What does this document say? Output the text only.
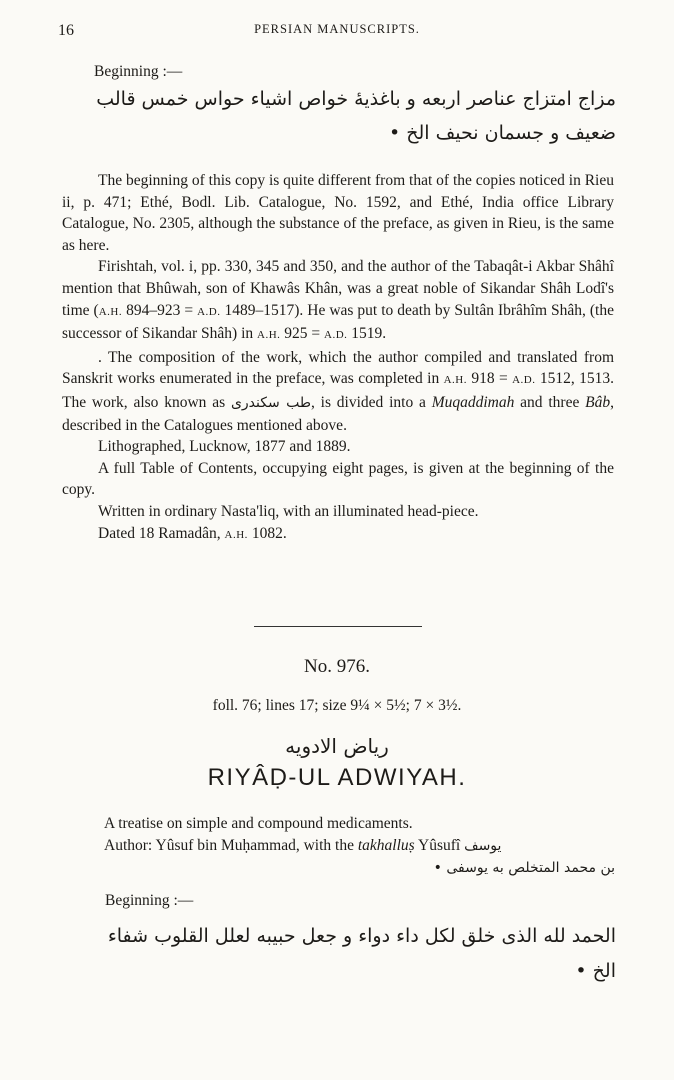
16	PERSIAN MANUSCRIPTS.
Beginning :—
مزاج امتزاج عناصر اربعه و باغذیهٔ خواص اشیاء حواس خمس قالب
ضعیف و جسمان نحیف الخ •

The beginning of this copy is quite different from that of the copies noticed in Rieu ii, p. 471; Ethé, Bodl. Lib. Catalogue, No. 1592, and Ethé, India office Library Catalogue, No. 2305, although the substance of the preface, as given in Rieu, is the same as here.

Firishtah, vol. i, pp. 330, 345 and 350, and the author of the Tabaqât-i Akbar Shâhî mention that Bhûwah, son of Khawâs Khân, was a great noble of Sikandar Shâh Lodî's time (A.H. 894–923 = A.D. 1489–1517). He was put to death by Sultân Ibrâhîm Shâh, (the successor of Sikandar Shâh) in A.H. 925 = A.D. 1519.

. The composition of the work, which the author compiled and translated from Sanskrit works enumerated in the preface, was completed in A.H. 918 = A.D. 1512, 1513. The work, also known as طب سکندری, is divided into a Muqaddimah and three Bâb, described in the Catalogues mentioned above.

Lithographed, Lucknow, 1877 and 1889.

A full Table of Contents, occupying eight pages, is given at the beginning of the copy.

Written in ordinary Nasta'liq, with an illuminated head-piece.

Dated 18 Ramadân, A.H. 1082.

No. 976.
foll. 76; lines 17; size 9¼ × 5½; 7 × 3½.
ریاض الادویه
RIYÂḌ-UL ADWIYAH.

A treatise on simple and compound medicaments.

Author: Yûsuf bin Muḥammad, with the takhalluṣ Yûsufî یوسف

بن محمد المتخلص به یوسفی •

Beginning :—
الحمد لله الذی خلق لکل داء دواء و جعل حبیبه لعلل القلوب شفاء
الخ •
